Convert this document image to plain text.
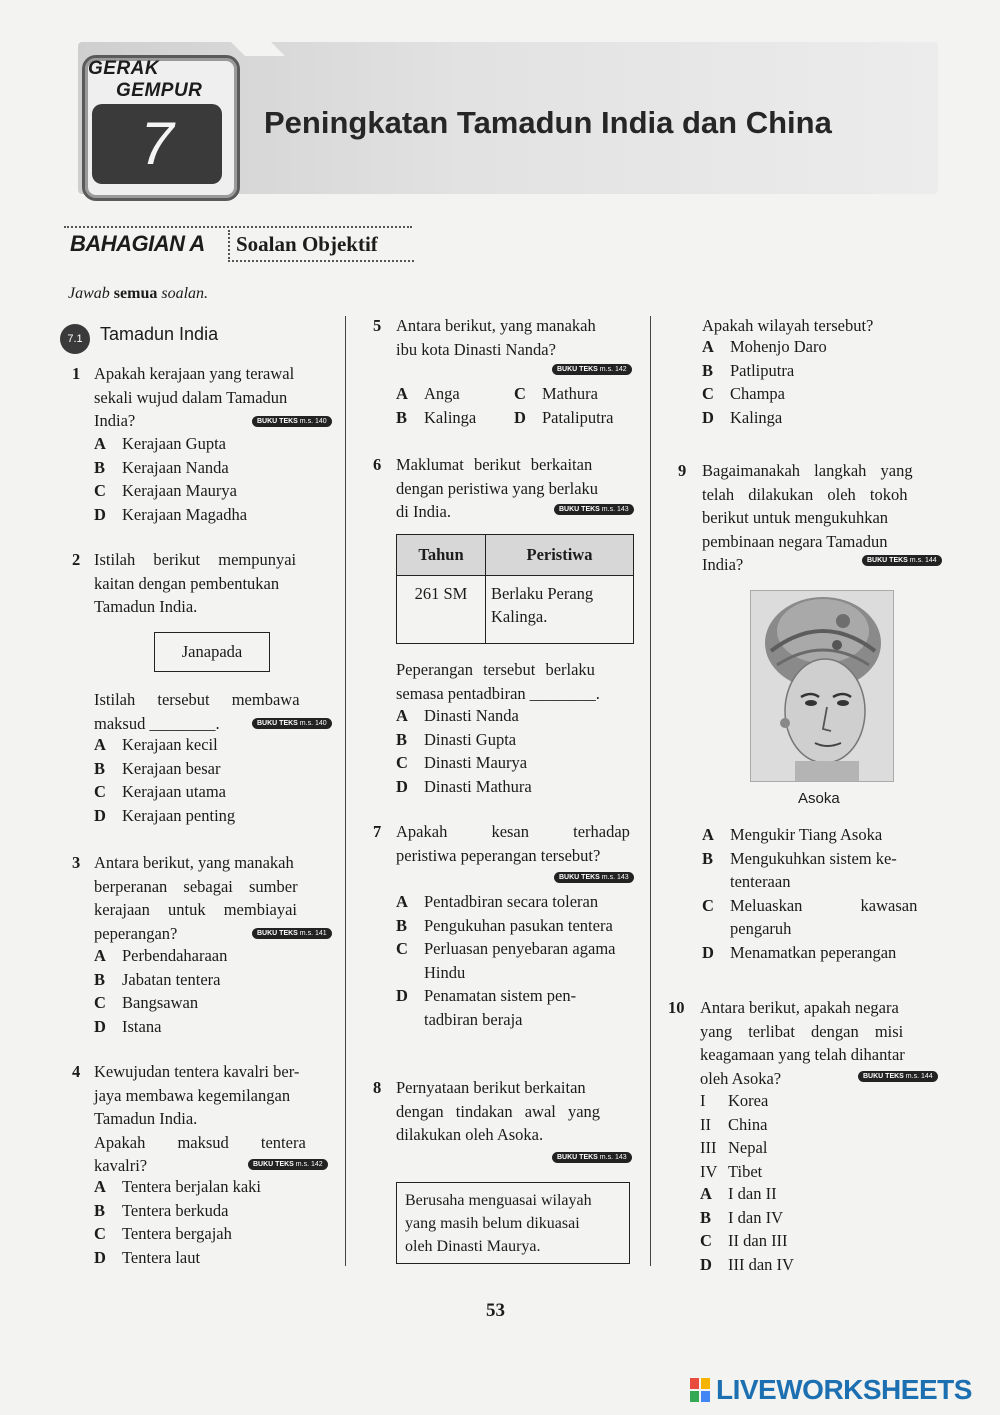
GERAK
GEMPUR
7	Peningkatan Tamadun India dan China
BAHAGIAN A Soalan Objektif
Jawab semua soalan.
7.1 Tamadun India
1 Apakah kerajaan yang terawal
sekali wujud dalam Tamadun
India?	BUKU TEKS m.s. 140
A Kerajaan Gupta
B Kerajaan Nanda
C Kerajaan Maurya
D Kerajaan Magadha
2 Istilah berikut mempunyai
kaitan dengan pembentukan
Tamadun India.
Janapada
Istilah tersebut membawa
maksud ________.	BUKU TEKS m.s. 140
A Kerajaan kecil
B Kerajaan besar
C Kerajaan utama
D Kerajaan penting
3 Antara berikut, yang manakah
berperanan sebagai sumber
kerajaan untuk membiayai
peperangan?	BUKU TEKS m.s. 141
A Perbendaharaan
B Jabatan tentera
C Bangsawan
D Istana
4 Kewujudan tentera kavalri ber-
jaya membawa kegemilangan
Tamadun India.
Apakah maksud tentera
kavalri?	BUKU TEKS m.s. 142
A Tentera berjalan kaki
B Tentera berkuda
C Tentera bergajah
D Tentera laut
5 Antara berikut, yang manakah
ibu kota Dinasti Nanda?
BUKU TEKS m.s. 142
A Anga	C Mathura
B Kalinga D Pataliputra
6 Maklumat berikut berkaitan
dengan peristiwa yang berlaku
di India.	BUKU TEKS m.s. 143
Tahun	Peristiwa
261 SM	Berlaku Perang Kalinga.
Peperangan tersebut berlaku
semasa pentadbiran ________.
A Dinasti Nanda
B Dinasti Gupta
C Dinasti Maurya
D Dinasti Mathura
7 Apakah kesan terhadap
peristiwa peperangan tersebut?
BUKU TEKS m.s. 143
A Pentadbiran secara toleran
B	Pengukuhan pasukan tentera
C Perluasan penyebaran agama Hindu
D Penamatan sistem pen- tadbiran beraja
8 Pernyataan berikut berkaitan
dengan tindakan awal yang
dilakukan oleh Asoka.
BUKU TEKS m.s. 143
Berusaha menguasai wilayah
yang masih belum dikuasai
oleh Dinasti Maurya.
Apakah wilayah tersebut?
A Mohenjo Daro
B Patliputra
C Champa
D Kalinga
9 Bagaimanakah langkah yang
telah dilakukan oleh tokoh
berikut untuk mengukuhkan
pembinaan negara Tamadun
India?	BUKU TEKS m.s. 144
Asoka
A Mengukir Tiang Asoka
B	Mengukuhkan sistem ke- tenteraan
C Meluaskan kawasan pengaruh
D Menamatkan peperangan
10 Antara berikut, apakah negara
yang terlibat dengan misi
keagamaan yang telah dihantar
oleh Asoka?	BUKU TEKS m.s. 144
I Korea
II China
III Nepal
IV Tibet
A I dan II
B I dan IV
C II dan III
D III dan IV
53
LIVEWORKSHEETS
